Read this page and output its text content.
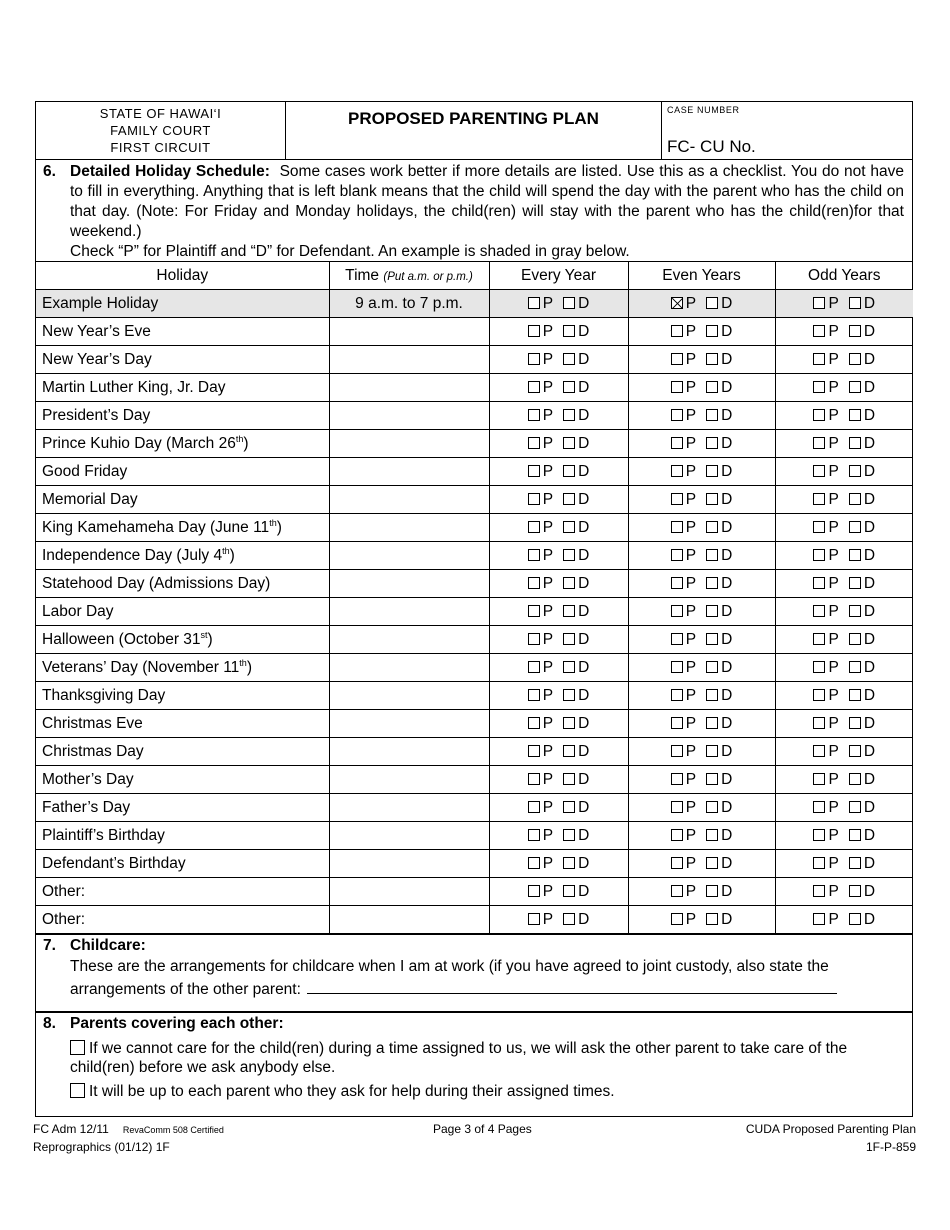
STATE OF HAWAI‘I
FAMILY COURT
FIRST CIRCUIT
PROPOSED PARENTING PLAN	CASE NUMBER
FC- CU No.
6. Detailed Holiday Schedule: Some cases work better if more details are listed. Use this as a checklist. You do not have to fill in everything. Anything that is left blank means that the child will spend the day with the parent who has the child on that day. (Note: For Friday and Monday holidays, the child(ren) will stay with the parent who has the child(ren)for that weekend.)
Check “P” for Plaintiff and “D” for Defendant. An example is shaded in gray below.
Holiday	Time (Put a.m. or p.m.)	Every Year	Even Years	Odd Years
Example Holiday	9 a.m. to 7 p.m.	P D	P D	P D
New Year’s Eve		P D	P D	P D
New Year’s Day		P D	P D	P D
Martin Luther King, Jr. Day		P D	P D	P D
President’s Day		P D	P D	P D
Prince Kuhio Day (March 26th)		P D	P D	P D
Good Friday		P D	P D	P D
Memorial Day		P D	P D	P D
King Kamehameha Day (June 11th)		P D	P D	P D
Independence Day (July 4th)		P D	P D	P D
Statehood Day (Admissions Day)		P D	P D	P D
Labor Day		P D	P D	P D
Halloween (October 31st)		P D	P D	P D
Veterans’ Day (November 11th)		P D	P D	P D
Thanksgiving Day		P D	P D	P D
Christmas Eve		P D	P D	P D
Christmas Day		P D	P D	P D
Mother’s Day		P D	P D	P D
Father’s Day		P D	P D	P D
Plaintiff’s Birthday		P D	P D	P D
Defendant’s Birthday		P D	P D	P D
Other:		P D	P D	P D
Other:		P D	P D	P D
7. Childcare:
These are the arrangements for childcare when I am at work (if you have agreed to joint custody, also state the arrangements of the other parent:
8. Parents covering each other:
If we cannot care for the child(ren) during a time assigned to us, we will ask the other parent to take care of the child(ren) before we ask anybody else.
It will be up to each parent who they ask for help during their assigned times.
FC Adm 12/11 RevaComm 508 Certified
Reprographics (01/12) 1F
Page 3 of 4 Pages	CUDA Proposed Parenting Plan
1F-P-859
